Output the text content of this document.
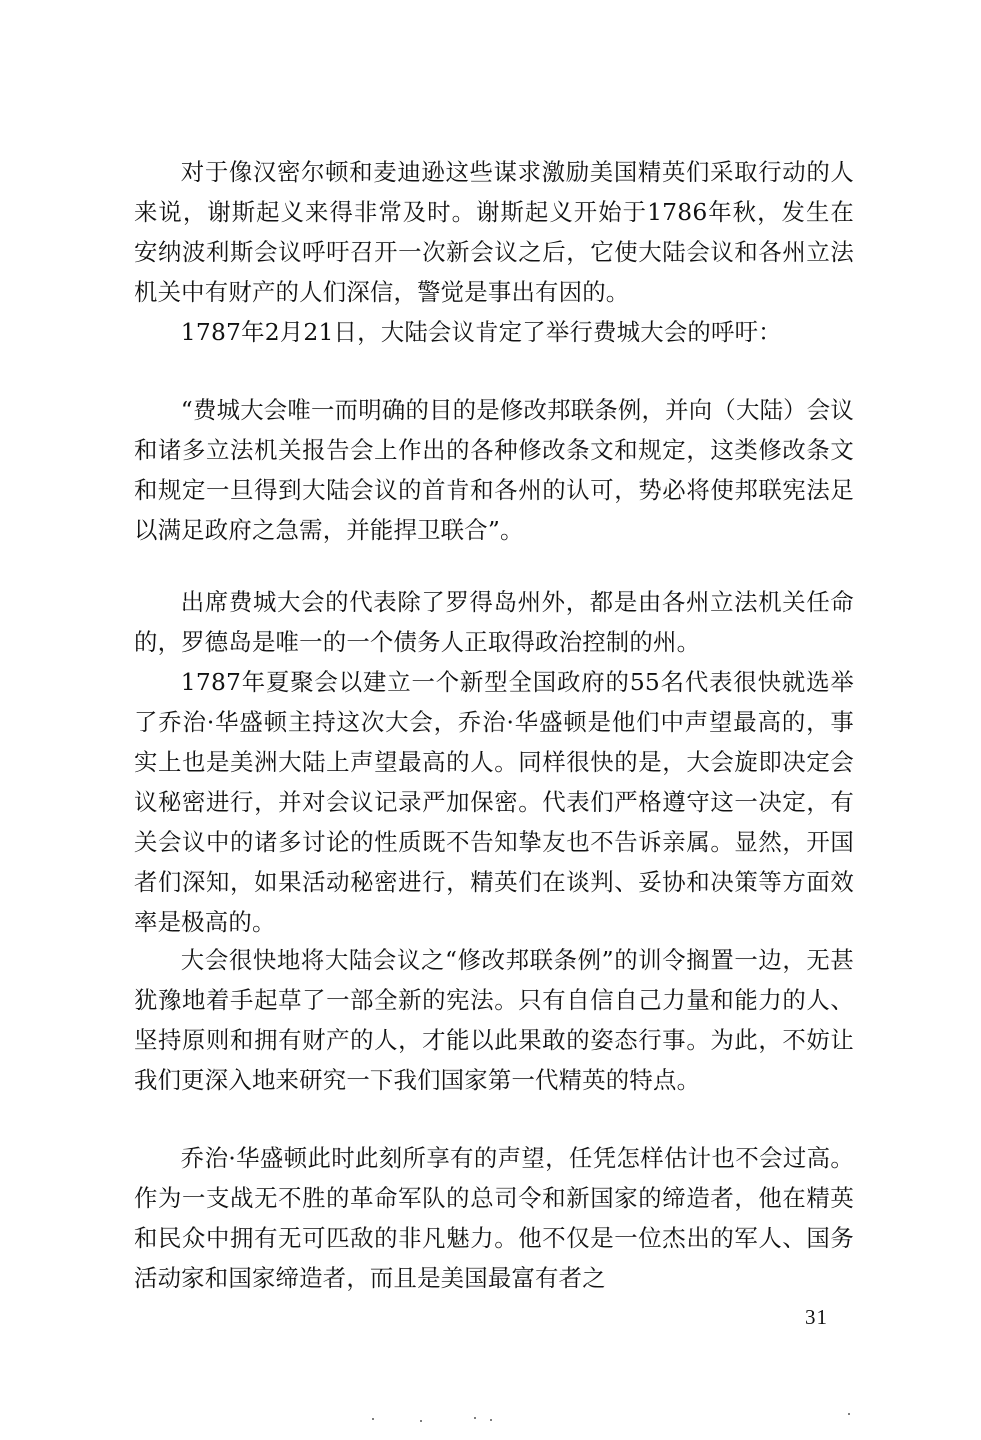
对于像汉密尔顿和麦迪逊这些谋求激励美国精英们采取行动的人来说，谢斯起义来得非常及时。谢斯起义开始于1786年秋，发生在安纳波利斯会议呼吁召开一次新会议之后，它使大陆会议和各州立法机关中有财产的人们深信，警觉是事出有因的。

1787年2月21日，大陆会议肯定了举行费城大会的呼吁：

“费城大会唯一而明确的目的是修改邦联条例，并向（大陆）会议和诸多立法机关报告会上作出的各种修改条文和规定，这类修改条文和规定一旦得到大陆会议的首肯和各州的认可，势必将使邦联宪法足以满足政府之急需，并能捍卫联合”。

出席费城大会的代表除了罗得岛州外，都是由各州立法机关任命的，罗德岛是唯一的一个债务人正取得政治控制的州。

1787年夏聚会以建立一个新型全国政府的55名代表很快就选举了乔治·华盛顿主持这次大会，乔治·华盛顿是他们中声望最高的，事实上也是美洲大陆上声望最高的人。同样很快的是，大会旋即决定会议秘密进行，并对会议记录严加保密。代表们严格遵守这一决定，有关会议中的诸多讨论的性质既不告知挚友也不告诉亲属。显然，开国者们深知，如果活动秘密进行，精英们在谈判、妥协和决策等方面效率是极高的。

大会很快地将大陆会议之“修改邦联条例”的训令搁置一边，无甚犹豫地着手起草了一部全新的宪法。只有自信自己力量和能力的人、坚持原则和拥有财产的人，才能以此果敢的姿态行事。为此，不妨让我们更深入地来研究一下我们国家第一代精英的特点。

乔治·华盛顿此时此刻所享有的声望，任凭怎样估计也不会过高。作为一支战无不胜的革命军队的总司令和新国家的缔造者，他在精英和民众中拥有无可匹敌的非凡魅力。他不仅是一位杰出的军人、国务活动家和国家缔造者，而且是美国最富有者之

31
